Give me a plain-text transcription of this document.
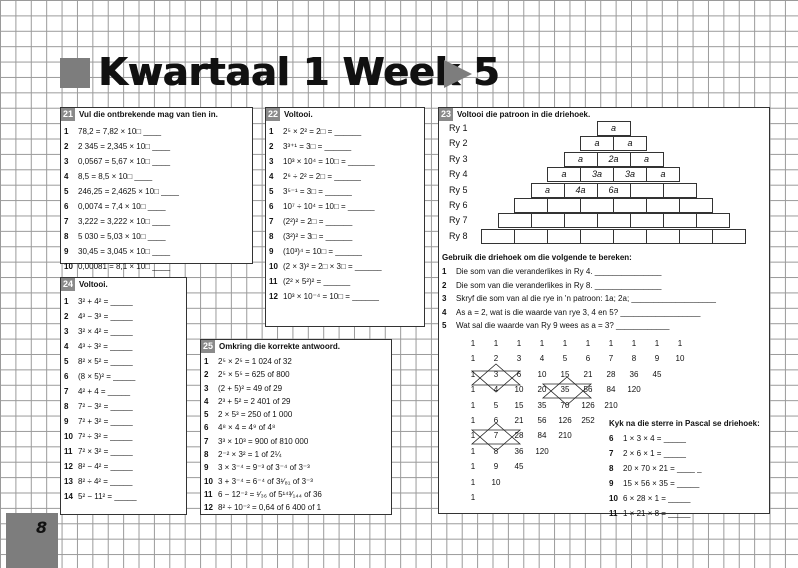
Kwartaal 1 Week 5
21 Vul die ontbrekende mag van tien in.
1 78,2 = 7,82 × 10□ ____
2 2 345 = 2,345 × 10□ ____
3 0,0567 = 5,67 × 10□ ____
4 8,5 = 8,5 × 10□ ____
5 246,25 = 2,4625 × 10□ ____
6 0,0074 = 7,4 × 10□ ____
7 3,222 = 3,222 × 10□ ____
8 5 030 = 5,03 × 10□ ____
9 30,45 = 3,045 × 10□ ____
10 0,00081 = 8,1 × 10□ ____
22 Voltooi.
1 2⁵ × 2² = 2□ = ______
2 3³⁺¹ = 3□ = ______
3 10³ × 10⁴ = 10□ = ______
4 2⁶ ÷ 2² = 2□ = ______
5 3⁵⁻¹ = 3□ = ______
6 10⁷ ÷ 10⁴ = 10□ = ______
7 (2²)² = 2□ = ______
8 (3²)² = 3□ = ______
9 (10³)⁴ = 10□ = ______
10 (2 × 3)² = 2□ × 3□ = ______
11 (2² × 5²)² = ______
12 10³ × 10⁻⁴ = 10□ = ______
24 Voltooi.
1 3² + 4² = _____
2 4³ − 3³ = _____
3 3² × 4² = _____
4 4³ ÷ 3² = _____
5 8² × 5² = _____
6 (8 × 5)² = _____
7 4² + 4 = _____
8 7² − 3² = _____
9 7² + 3² = _____
10 7² ÷ 3² = _____
11 7² × 3² = _____
12 8² − 4² = _____
13 8² ÷ 4² = _____
14 5² − 11² = _____
25 Omkring die korrekte antwoord.
1 2⁵ × 2⁵ = 1 024 of 32
2 2⁵ × 5⁵ = 625 of 800
3 (2 + 5)² = 49 of 29
4 2³ + 5² = 2 401 of 29
5 2 × 5³ = 250 of 1 000
6 4⁸ × 4 = 4⁹ of 4⁸
7 3³ × 10³ = 900 of 810 000
8 2⁻² × 3² = 1 of 2¼
9 3 × 3⁻⁴ = 9⁻³ of 3⁻⁴ of 3⁻³
10 3 + 3⁻⁴ = 6⁻⁴ of 3¹⁄₈₁ of 3⁻³
11 6 − 12⁻² = ¹⁄₃₆ of 5¹⁴³⁄₁₄₄ of 36
12 8² ÷ 10⁻² = 0,64 of 6 400 of 1
23 Voltooi die patroon in die driehoek.
Ry 1	a
Ry 2	a	a
Ry 3	a	2a	a
Ry 4	a	3a	3a	a
Ry 5	a	4a	6a
Ry 6
Ry 7
Ry 8
Gebruik die driehoek om die volgende te bereken:
1 Die som van die veranderlikes in Ry 4. _______________
2 Die som van die veranderlikes in Ry 8. _______________
3 Skryf die som van al die rye in 'n patroon: 1a; 2a; ___________________
4 As a = 2, wat is die waarde van rye 3, 4 en 5? __________________
5 Wat sal die waarde van Ry 9 wees as a = 3? ____________
1	1	1	1	1	1	1	1	1	1
1	2	3	4	5	6	7	8	9	10
1	3	6	10	15	21	28	36	45
1	4	10	20	35	56	84	120
1	5	15	35	70	126 210
1	6	21	56	126 252
1	7	28	84	210
1	8	36	120
1	9	45
1	10
1
Kyk na die sterre in Pascal se driehoek:
6 1 × 3 × 4 = _____
7 2 × 6 × 1 = _____
8 20 × 70 × 21 = ____ _
9 15 × 56 × 35 = _____
10 6 × 28 × 1 = _____
11 1 × 21 × 8 = _____
8
